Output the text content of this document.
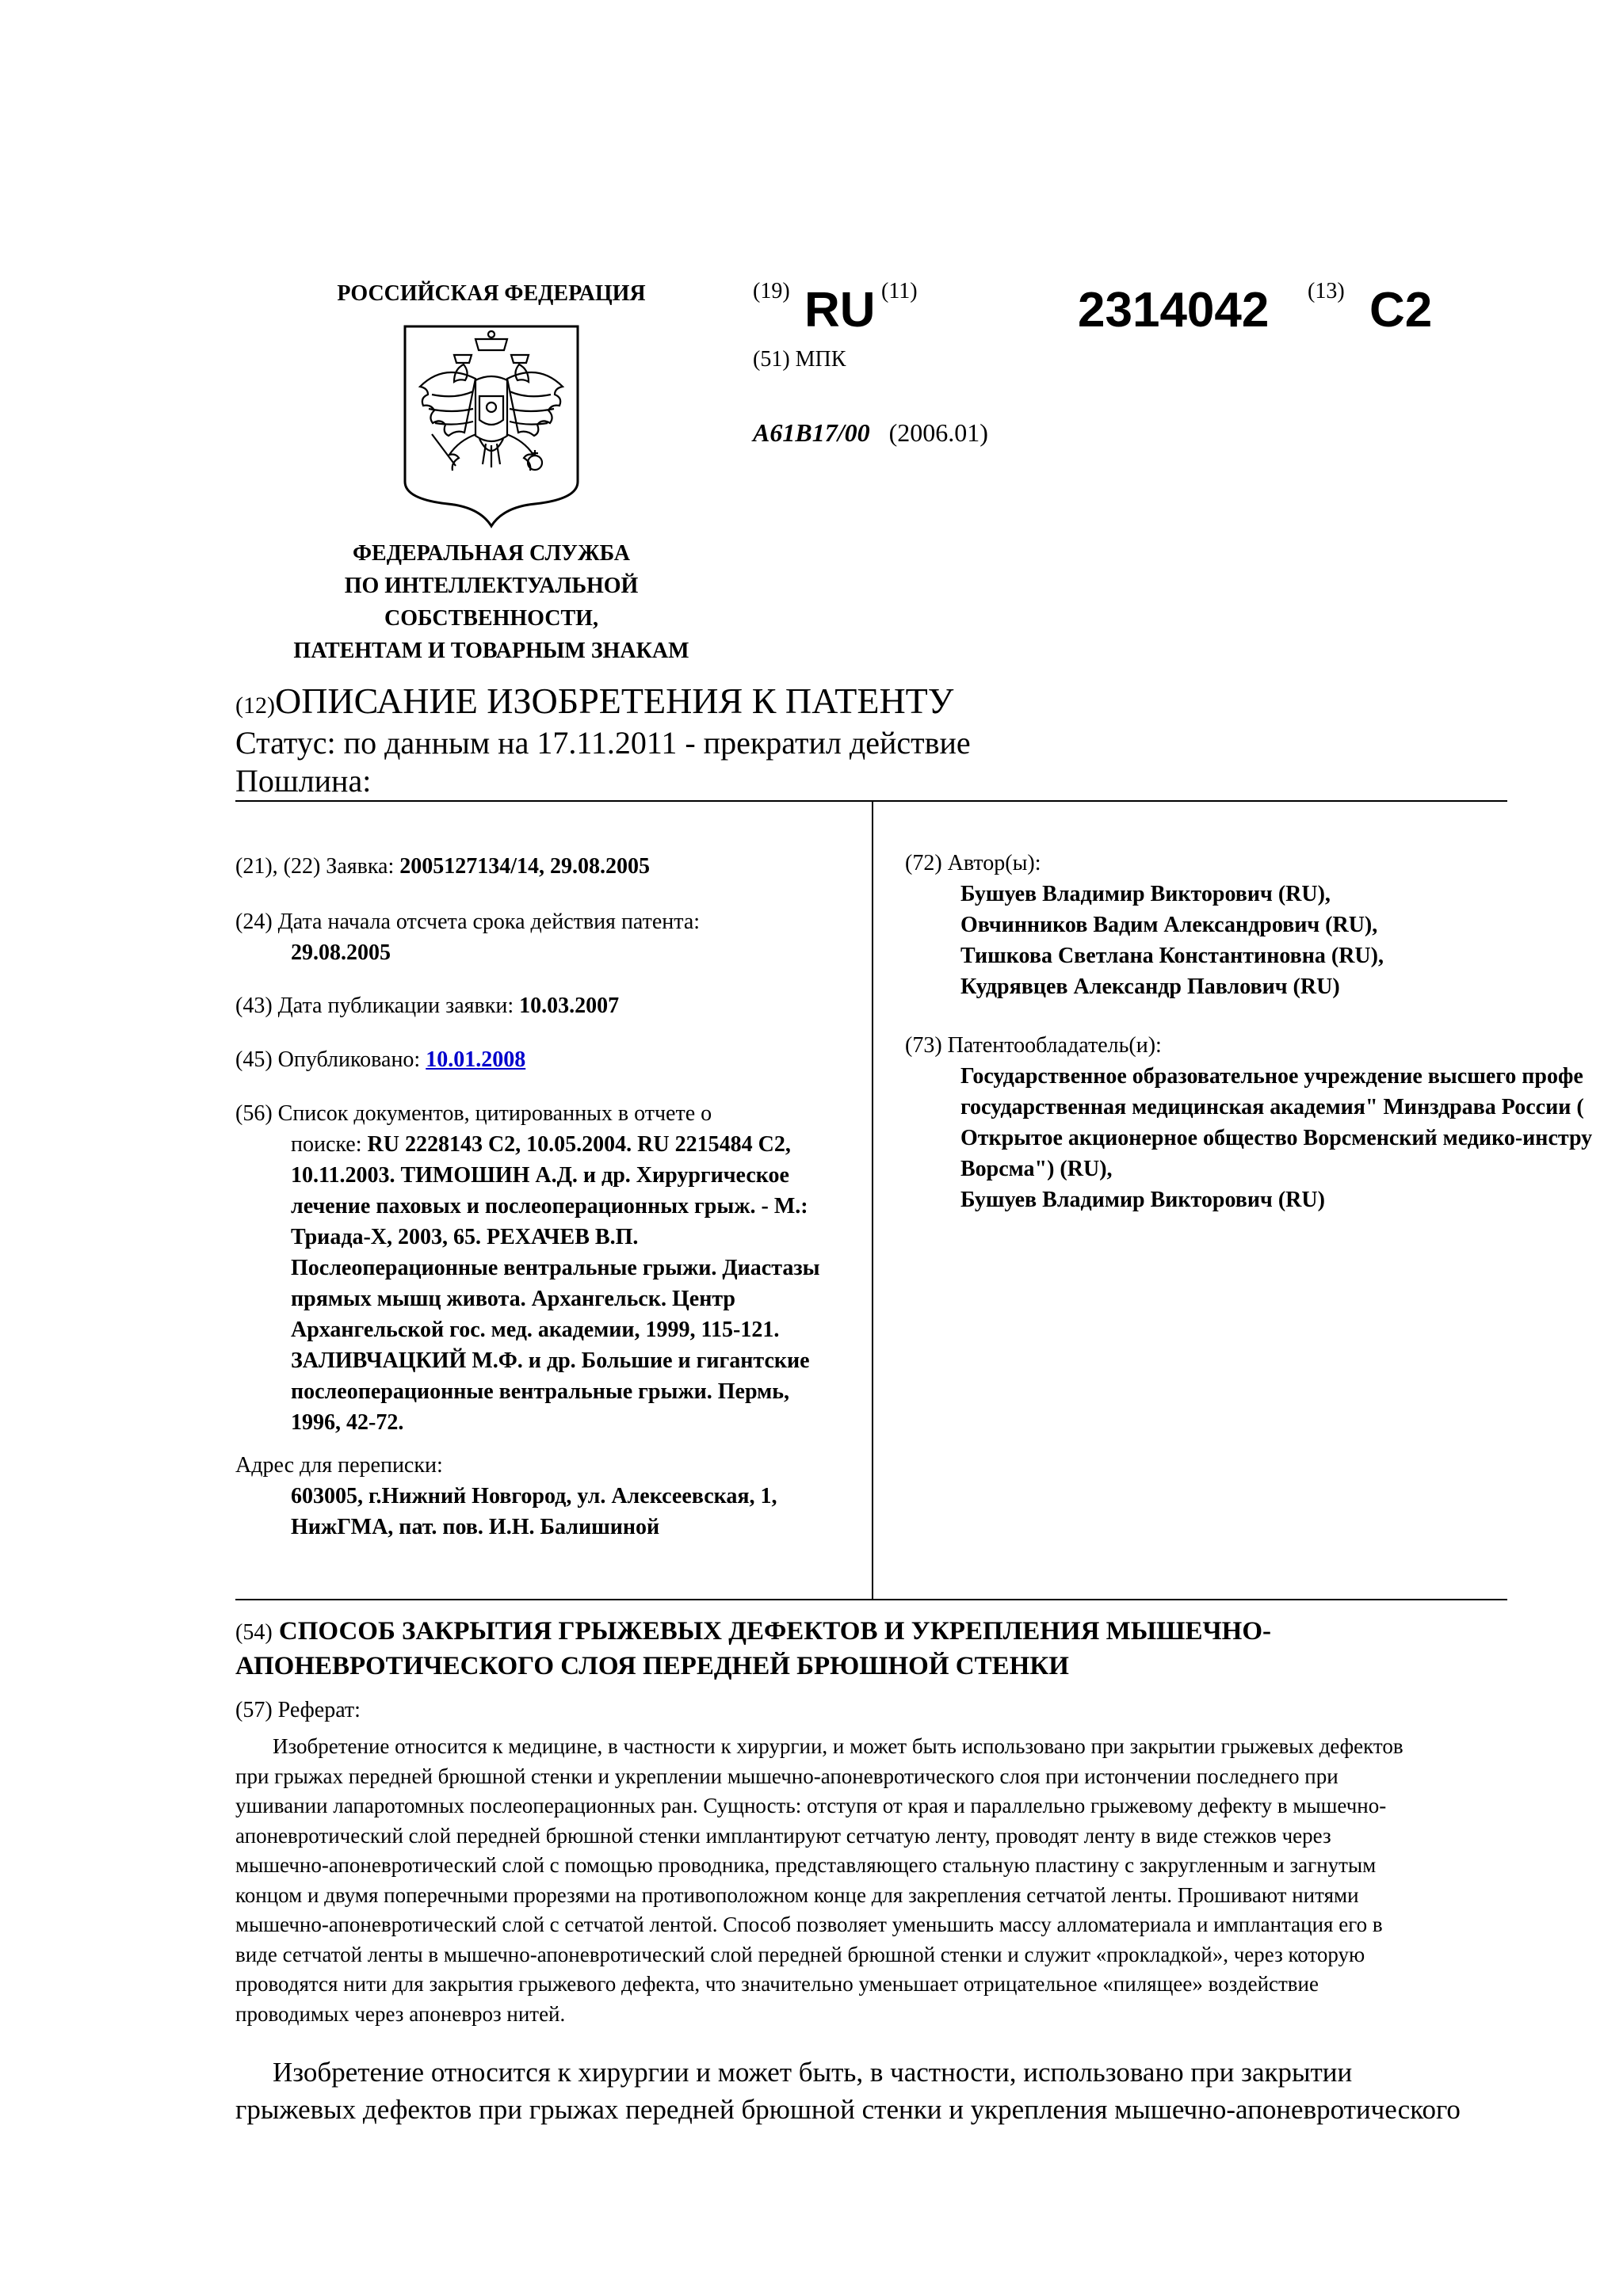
РОССИЙСКАЯ ФЕДЕРАЦИЯ
ФЕДЕРАЛЬНАЯ СЛУЖБА
ПО ИНТЕЛЛЕКТУАЛЬНОЙ
СОБСТВЕННОСТИ,
ПАТЕНТАМ И ТОВАРНЫМ ЗНАКАМ
(19) RU (11)	2314042 (13) C2
(51) МПК
A61B17/00 (2006.01)
(12)ОПИСАНИЕ ИЗОБРЕТЕНИЯ К ПАТЕНТУ
Статус: по данным на 17.11.2011 - прекратил действие
Пошлина:
(21), (22) Заявка: 2005127134/14, 29.08.2005
(24) Дата начала отсчета срока действия патента:
29.08.2005
(43) Дата публикации заявки: 10.03.2007
(45) Опубликовано: 10.01.2008
(56) Список документов, цитированных в отчете о
поиске: RU 2228143 C2, 10.05.2004. RU 2215484 C2,
10.11.2003. ТИМОШИН А.Д. и др. Хирургическое
лечение паховых и послеоперационных грыж. - М.:
Триада-Х, 2003, 65. РЕХАЧЕВ В.П.
Послеоперационные вентральные грыжи. Диастазы
прямых мышц живота. Архангельск. Центр
Архангельской гос. мед. академии, 1999, 115-121.
ЗАЛИВЧАЦКИЙ М.Ф. и др. Большие и гигантские
послеоперационные вентральные грыжи. Пермь,
1996, 42-72.
Адрес для переписки:
603005, г.Нижний Новгород, ул. Алексеевская, 1,
НижГМА, пат. пов. И.Н. Балишиной
(72) Автор(ы):
Бушуев Владимир Викторович (RU),
Овчинников Вадим Александрович (RU),
Тишкова Светлана Константиновна (RU),
Кудрявцев Александр Павлович (RU)
(73) Патентообладатель(и):
Государственное образовательное учреждение высшего профе
государственная медицинская академия" Минздрава России (
Открытое акционерное общество Ворсменский медико-инстру
Ворсма") (RU),
Бушуев Владимир Викторович (RU)
(54) СПОСОБ ЗАКРЫТИЯ ГРЫЖЕВЫХ ДЕФЕКТОВ И УКРЕПЛЕНИЯ МЫШЕЧНО-
АПОНЕВРОТИЧЕСКОГО СЛОЯ ПЕРЕДНЕЙ БРЮШНОЙ СТЕНКИ
(57) Реферат:
Изобретение относится к медицине, в частности к хирургии, и может быть использовано при закрытии грыжевых дефектов
при грыжах передней брюшной стенки и укреплении мышечно-апоневротического слоя при истончении последнего при
ушивании лапаротомных послеоперационных ран. Сущность: отступя от края и параллельно грыжевому дефекту в мышечно-
апоневротический слой передней брюшной стенки имплантируют сетчатую ленту, проводят ленту в виде стежков через
мышечно-апоневротический слой с помощью проводника, представляющего стальную пластину с закругленным и загнутым
концом и двумя поперечными прорезями на противоположном конце для закрепления сетчатой ленты. Прошивают нитями
мышечно-апоневротический слой с сетчатой лентой. Способ позволяет уменьшить массу алломатериала и имплантация его в
виде сетчатой ленты в мышечно-апоневротический слой передней брюшной стенки и служит «прокладкой», через которую
проводятся нити для закрытия грыжевого дефекта, что значительно уменьшает отрицательное «пилящее» воздействие
проводимых через апоневроз нитей.
Изобретение относится к хирургии и может быть, в частности, использовано при закрытии
грыжевых дефектов при грыжах передней брюшной стенки и укрепления мышечно-апоневротического
